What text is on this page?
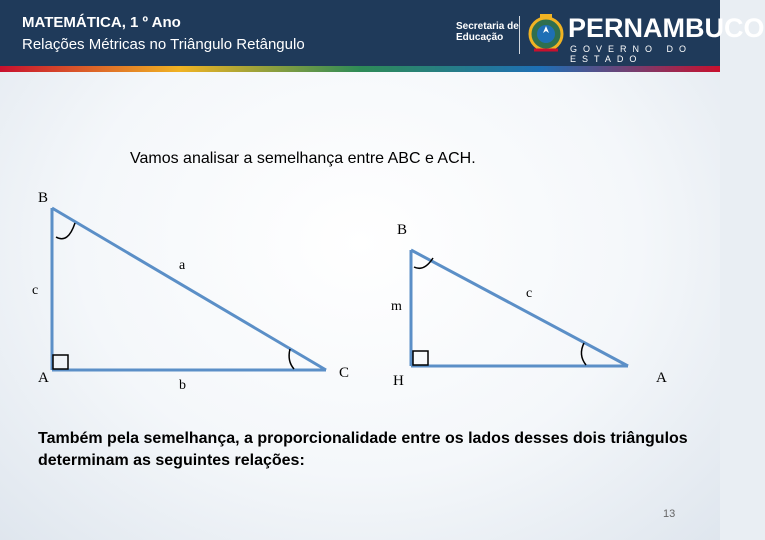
MATEMÁTICA, 1 º Ano
Relações Métricas no Triângulo Retângulo
Secretaria de
Educação	PERNAMBUCO
GOVERNO DO ESTADO
Vamos analisar a semelhança entre ABC e ACH.
B
c
A
a
b
C
B
c
m
H	A
Também pela semelhança, a proporcionalidade entre os lados desses dois triângulos determinam as seguintes relações:
13
